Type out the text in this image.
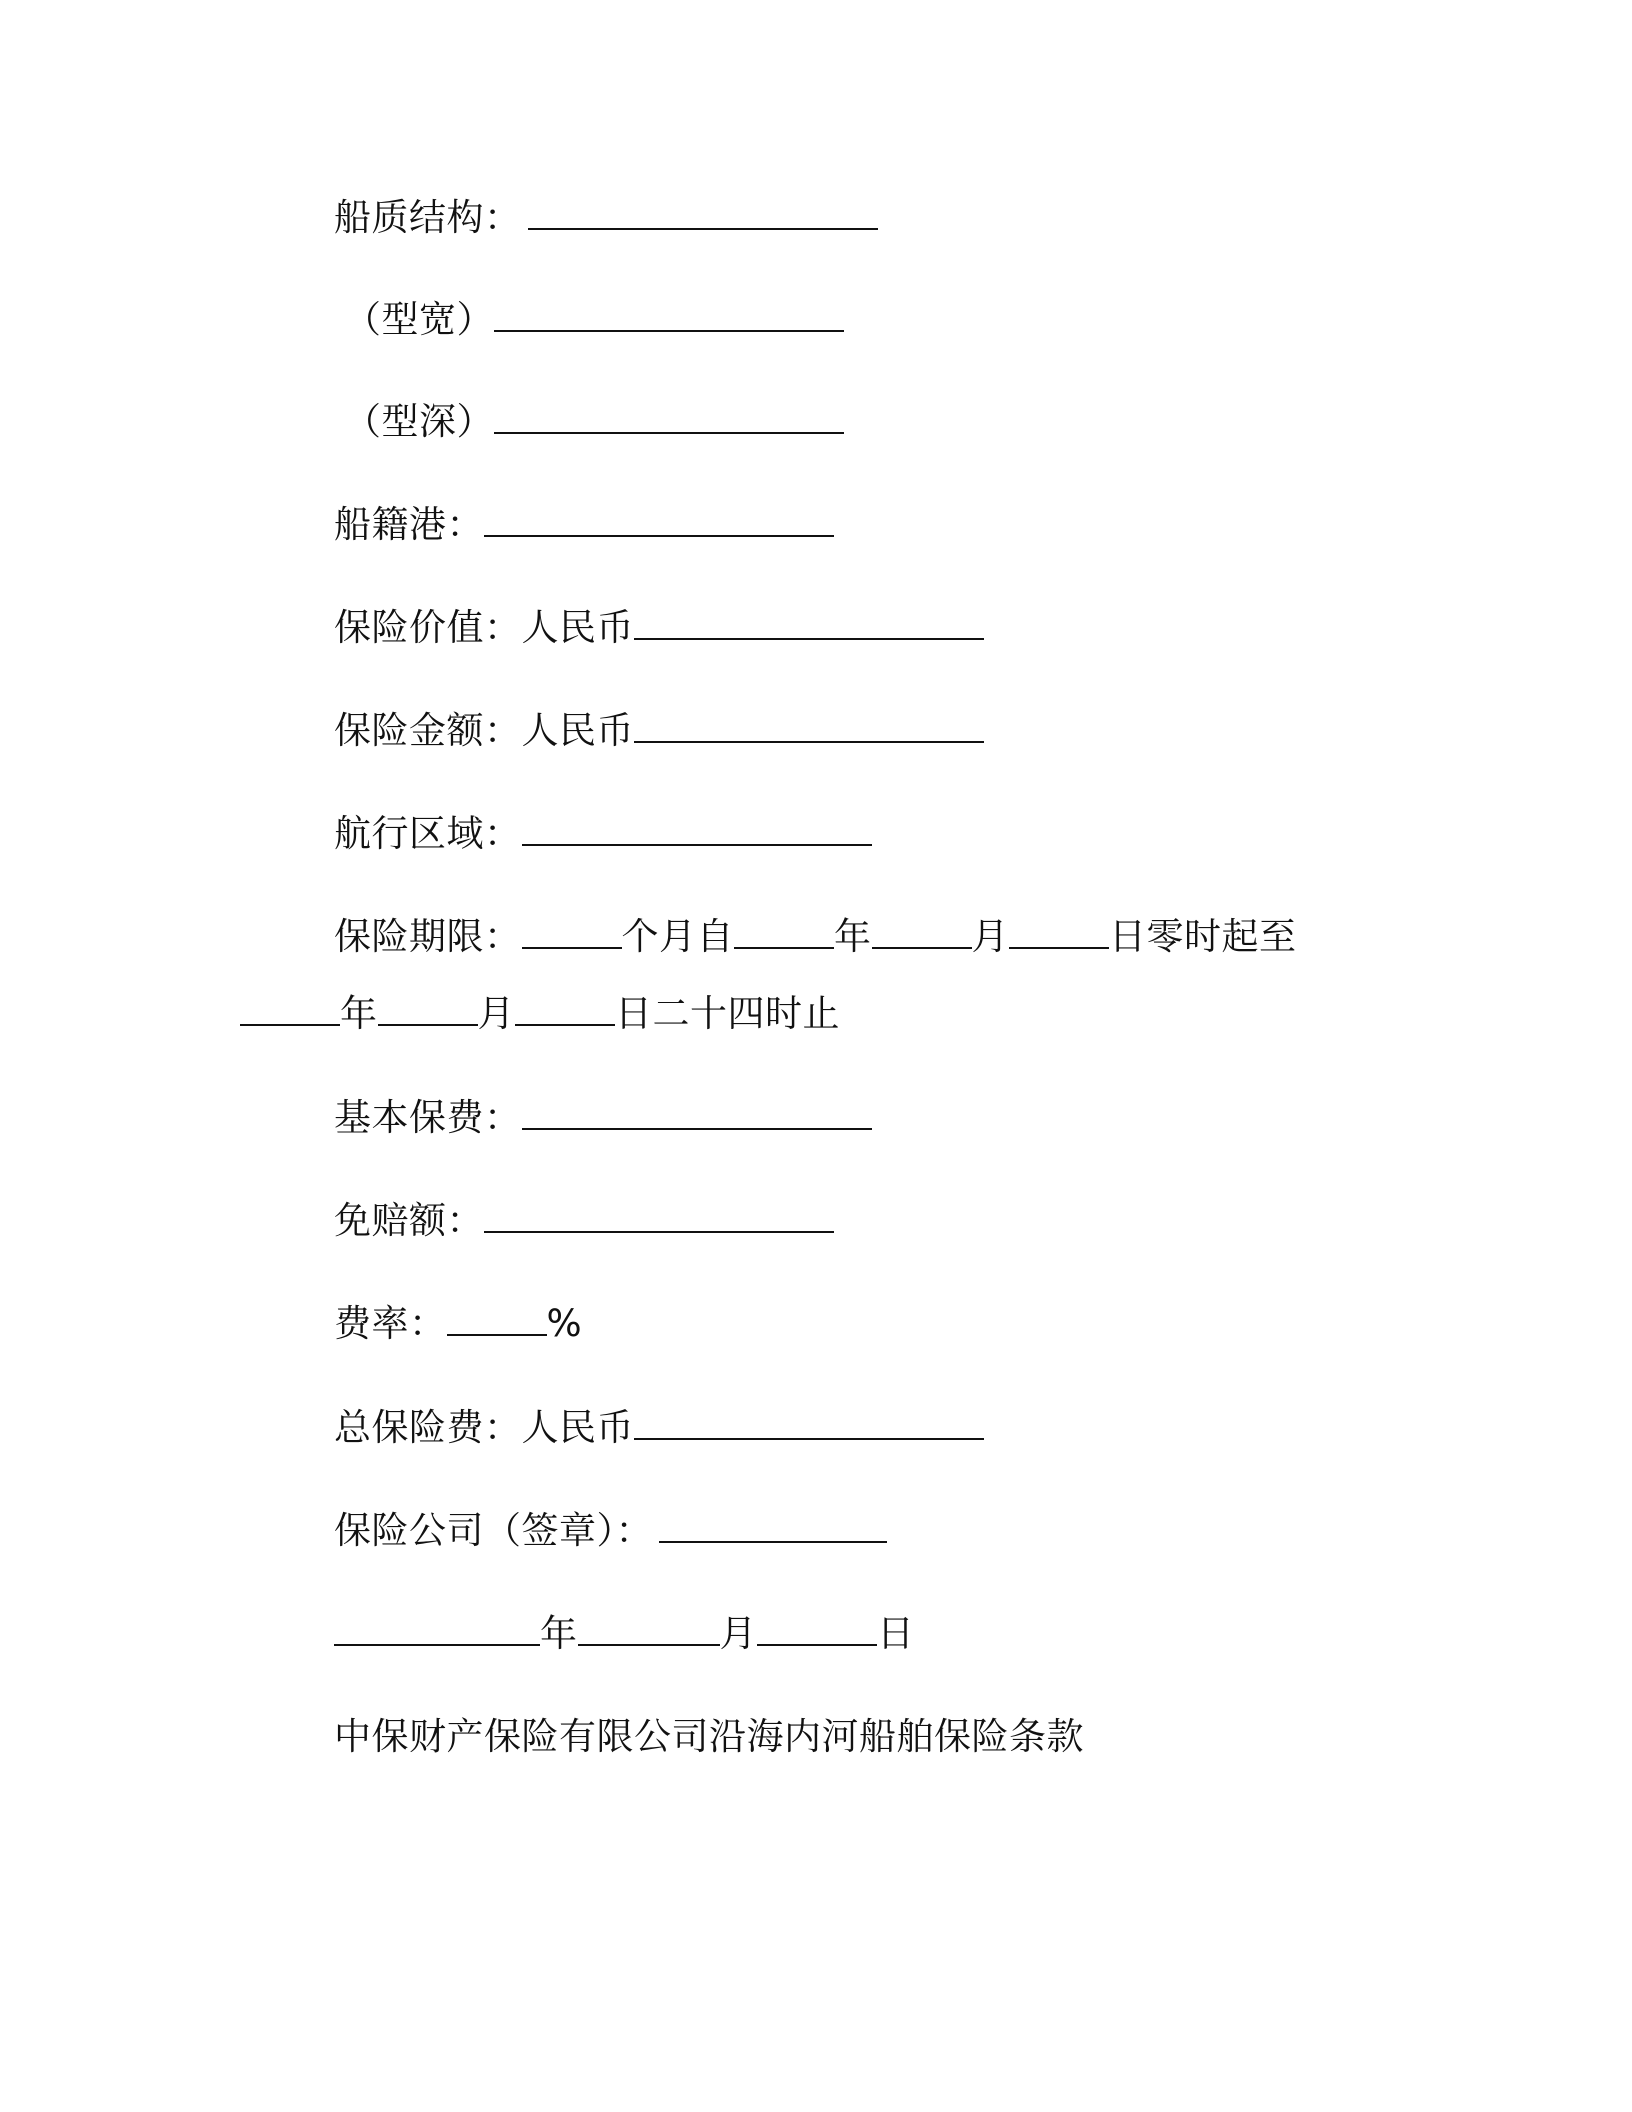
船质结构：
（型宽）
（型深）
船籍港：
保险价值：人民币
保险金额：人民币
航行区域：
保险期限：	个月自	年	月	日零时起至
年	月	日二十四时止
基本保费：
免赔额：
费率：	%
总保险费：人民币
保险公司（签章）：
年	月	日
中保财产保险有限公司沿海内河船舶保险条款
